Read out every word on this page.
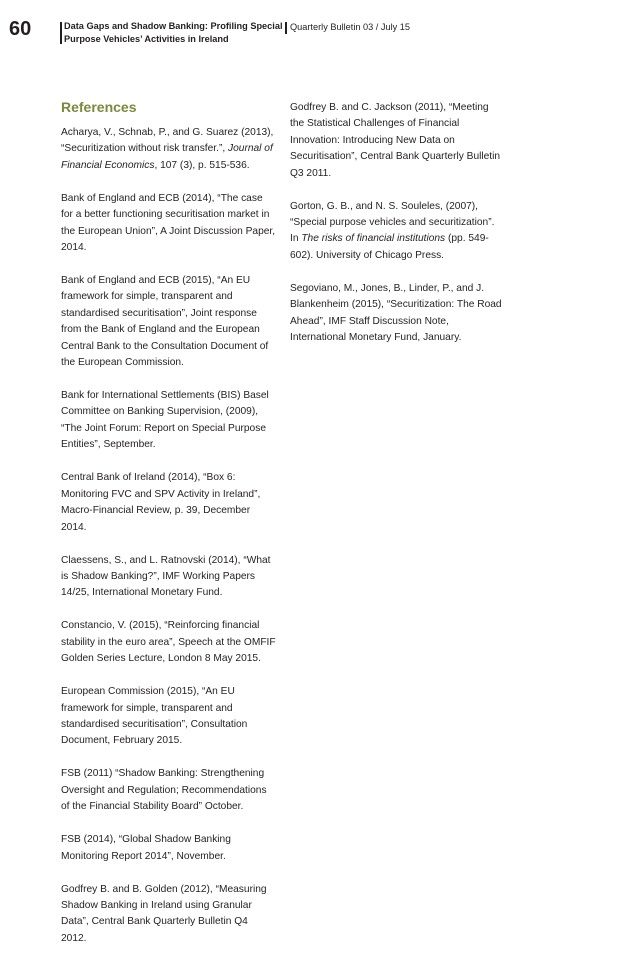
60	Data Gaps and Shadow Banking: Profiling Special Purpose Vehicles’ Activities in Ireland
Quarterly Bulletin 03 / July 15
References

Acharya, V., Schnab, P., and G. Suarez (2013), “Securitization without risk transfer.”, Journal of Financial Economics, 107 (3), p. 515-536.

Bank of England and ECB (2014), “The case for a better functioning securitisation market in the European Union”, A Joint Discussion Paper, 2014.

Bank of England and ECB (2015), “An EU framework for simple, transparent and standardised securitisation”, Joint response from the Bank of England and the European Central Bank to the Consultation Document of the European Commission.

Bank for International Settlements (BIS) Basel Committee on Banking Supervision, (2009), “The Joint Forum: Report on Special Purpose Entities”, September.

Central Bank of Ireland (2014), “Box 6: Monitoring FVC and SPV Activity in Ireland”, Macro-Financial Review, p. 39, December 2014.

Claessens, S., and L. Ratnovski (2014), “What is Shadow Banking?”, IMF Working Papers 14/25, International Monetary Fund.

Constancio, V. (2015), “Reinforcing financial stability in the euro area”, Speech at the OMFIF Golden Series Lecture, London 8 May 2015.

European Commission (2015), “An EU framework for simple, transparent and standardised securitisation”, Consultation Document, February 2015.

FSB (2011) “Shadow Banking: Strengthening Oversight and Regulation; Recommendations of the Financial Stability Board” October.

FSB (2014), “Global Shadow Banking Monitoring Report 2014”, November.

Godfrey B. and B. Golden (2012), “Measuring Shadow Banking in Ireland using Granular Data”, Central Bank Quarterly Bulletin Q4 2012.

Godfrey B. and C. Jackson (2011), “Meeting the Statistical Challenges of Financial Innovation: Introducing New Data on Securitisation”, Central Bank Quarterly Bulletin Q3 2011.

Gorton, G. B., and N. S. Souleles, (2007), “Special purpose vehicles and securitization”. In The risks of financial institutions (pp. 549-602). University of Chicago Press.

Segoviano, M., Jones, B., Linder, P., and J. Blankenheim (2015), “Securitization: The Road Ahead”, IMF Staff Discussion Note, International Monetary Fund, January.
